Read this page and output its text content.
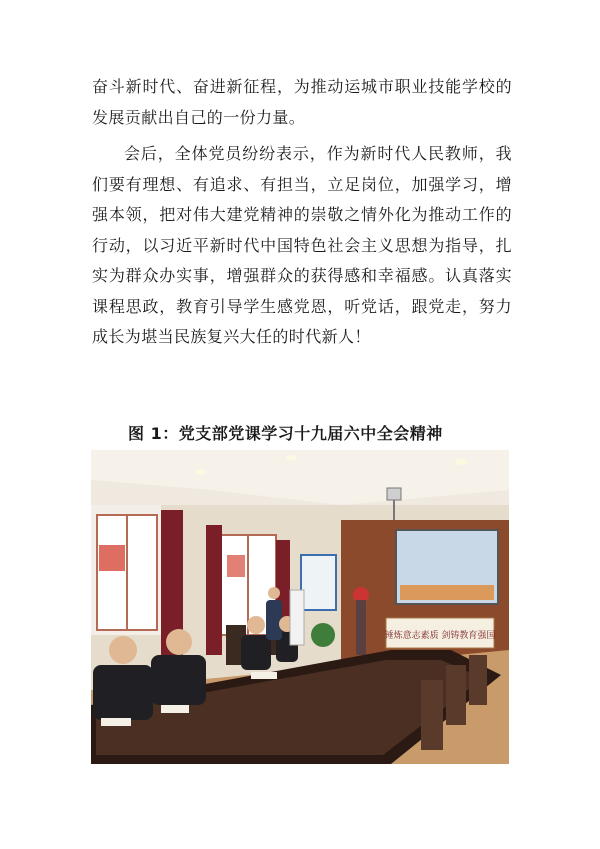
奋斗新时代、奋进新征程，为推动运城市职业技能学校的发展贡献出自己的一份力量。

会后，全体党员纷纷表示，作为新时代人民教师，我们要有理想、有追求、有担当，立足岗位，加强学习，增强本领，把对伟大建党精神的崇敬之情外化为推动工作的行动，以习近平新时代中国特色社会主义思想为指导，扎实为群众办实事，增强群众的获得感和幸福感。认真落实课程思政，教育引导学生感党恩，听党话，跟党走，努力成长为堪当民族复兴大任的时代新人！

图 1：党支部党课学习十九届六中全会精神
锤炼意志素质 剑铸教育强国
